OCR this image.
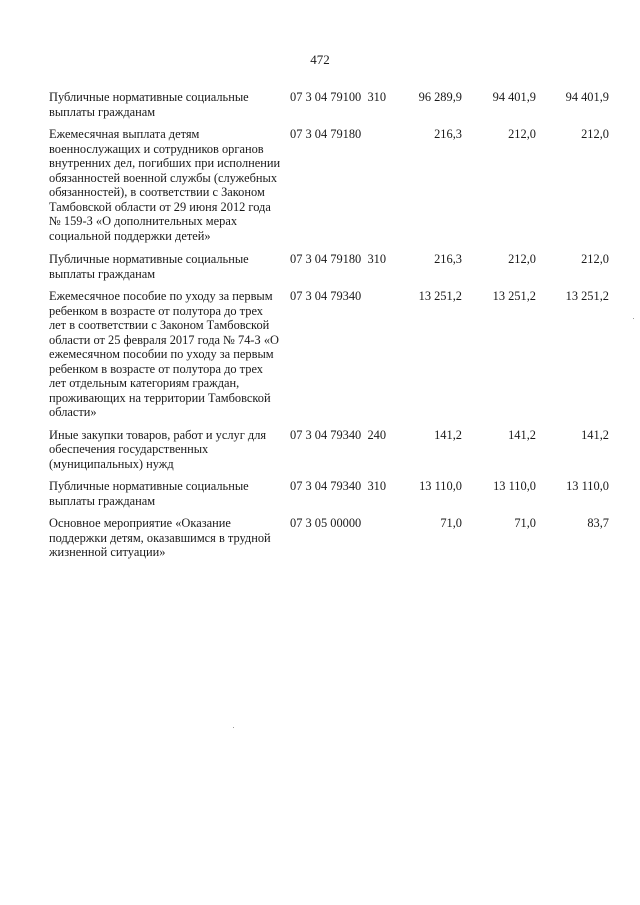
472
Публичные нормативные социальные выплаты гражданам
07 3 04 79100  310	96 289,9	94 401,9	94 401,9
Ежемесячная выплата детям военнослужащих и сотрудников органов внутренних дел, погибших при исполнении обязанностей военной службы (служебных обязанностей), в соответствии с Законом Тамбовской области от 29 июня 2012 года № 159-З «О дополнительных мерах социальной поддержки детей»
07 3 04 79180	216,3	212,0	212,0
Публичные нормативные социальные выплаты гражданам
07 3 04 79180  310	216,3	212,0	212,0
Ежемесячное пособие по уходу за первым ребенком в возрасте от полутора до трех лет в соответствии с Законом Тамбовской области от 25 февраля 2017 года № 74-З «О ежемесячном пособии по уходу за первым ребенком в возрасте от полутора до трех лет отдельным категориям граждан, проживающих на территории Тамбовской области»
07 3 04 79340	13 251,2	13 251,2	13 251,2
Иные закупки товаров, работ и услуг для обеспечения государственных (муниципальных) нужд
07 3 04 79340  240	141,2	141,2	141,2
Публичные нормативные социальные выплаты гражданам
07 3 04 79340  310	13 110,0	13 110,0	13 110,0
Основное мероприятие «Оказание поддержки детям, оказавшимся в трудной жизненной ситуации»
07 3 05 00000	71,0	71,0	83,7
